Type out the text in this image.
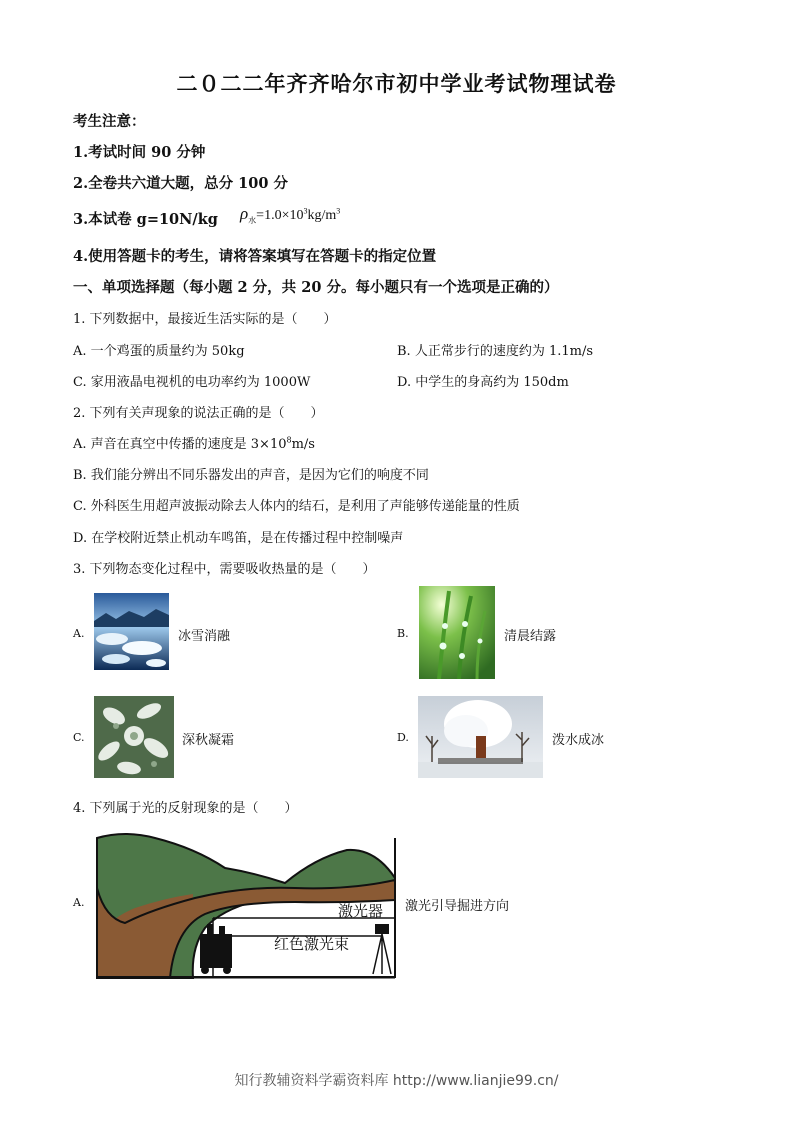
二０二二年齐齐哈尔市初中学业考试物理试卷
考生注意：
1.考试时间 90 分钟
2.全卷共六道大题，总分 100 分
3.本试卷 g=10N/kg $\rho_水=1.0\times 10^3kg/m^3$
4.使用答题卡的考生，请将答案填写在答题卡的指定位置
一、单项选择题（每小题 2 分，共 20 分。每小题只有一个选项是正确的）
1. 下列数据中，最接近生活实际的是（　　）
A. 一个鸡蛋的质量约为 50kg	B. 人正常步行的速度约为 1.1m/s
C. 家用液晶电视机的电功率约为 1000W	D. 中学生的身高约为 150dm
2. 下列有关声现象的说法正确的是（　　）
A. 声音在真空中传播的速度是 $3\times 10^8m/s$
B. 我们能分辨出不同乐器发出的声音，是因为它们的响度不同
C. 外科医生用超声波振动除去人体内的结石，是利用了声能够传递能量的性质
D. 在学校附近禁止机动车鸣笛，是在传播过程中控制噪声
3. 下列物态变化过程中，需要吸收热量的是（　　）
A.	冰雪消融	B.	清晨结露
C.	深秋凝霜	D.	泼水成冰
4. 下列属于光的反射现象的是（　　）
A.	激光器
红色激光束
激光引导掘进方向
知行教辅资料学霸资料库 http://www.lianjie99.cn/
